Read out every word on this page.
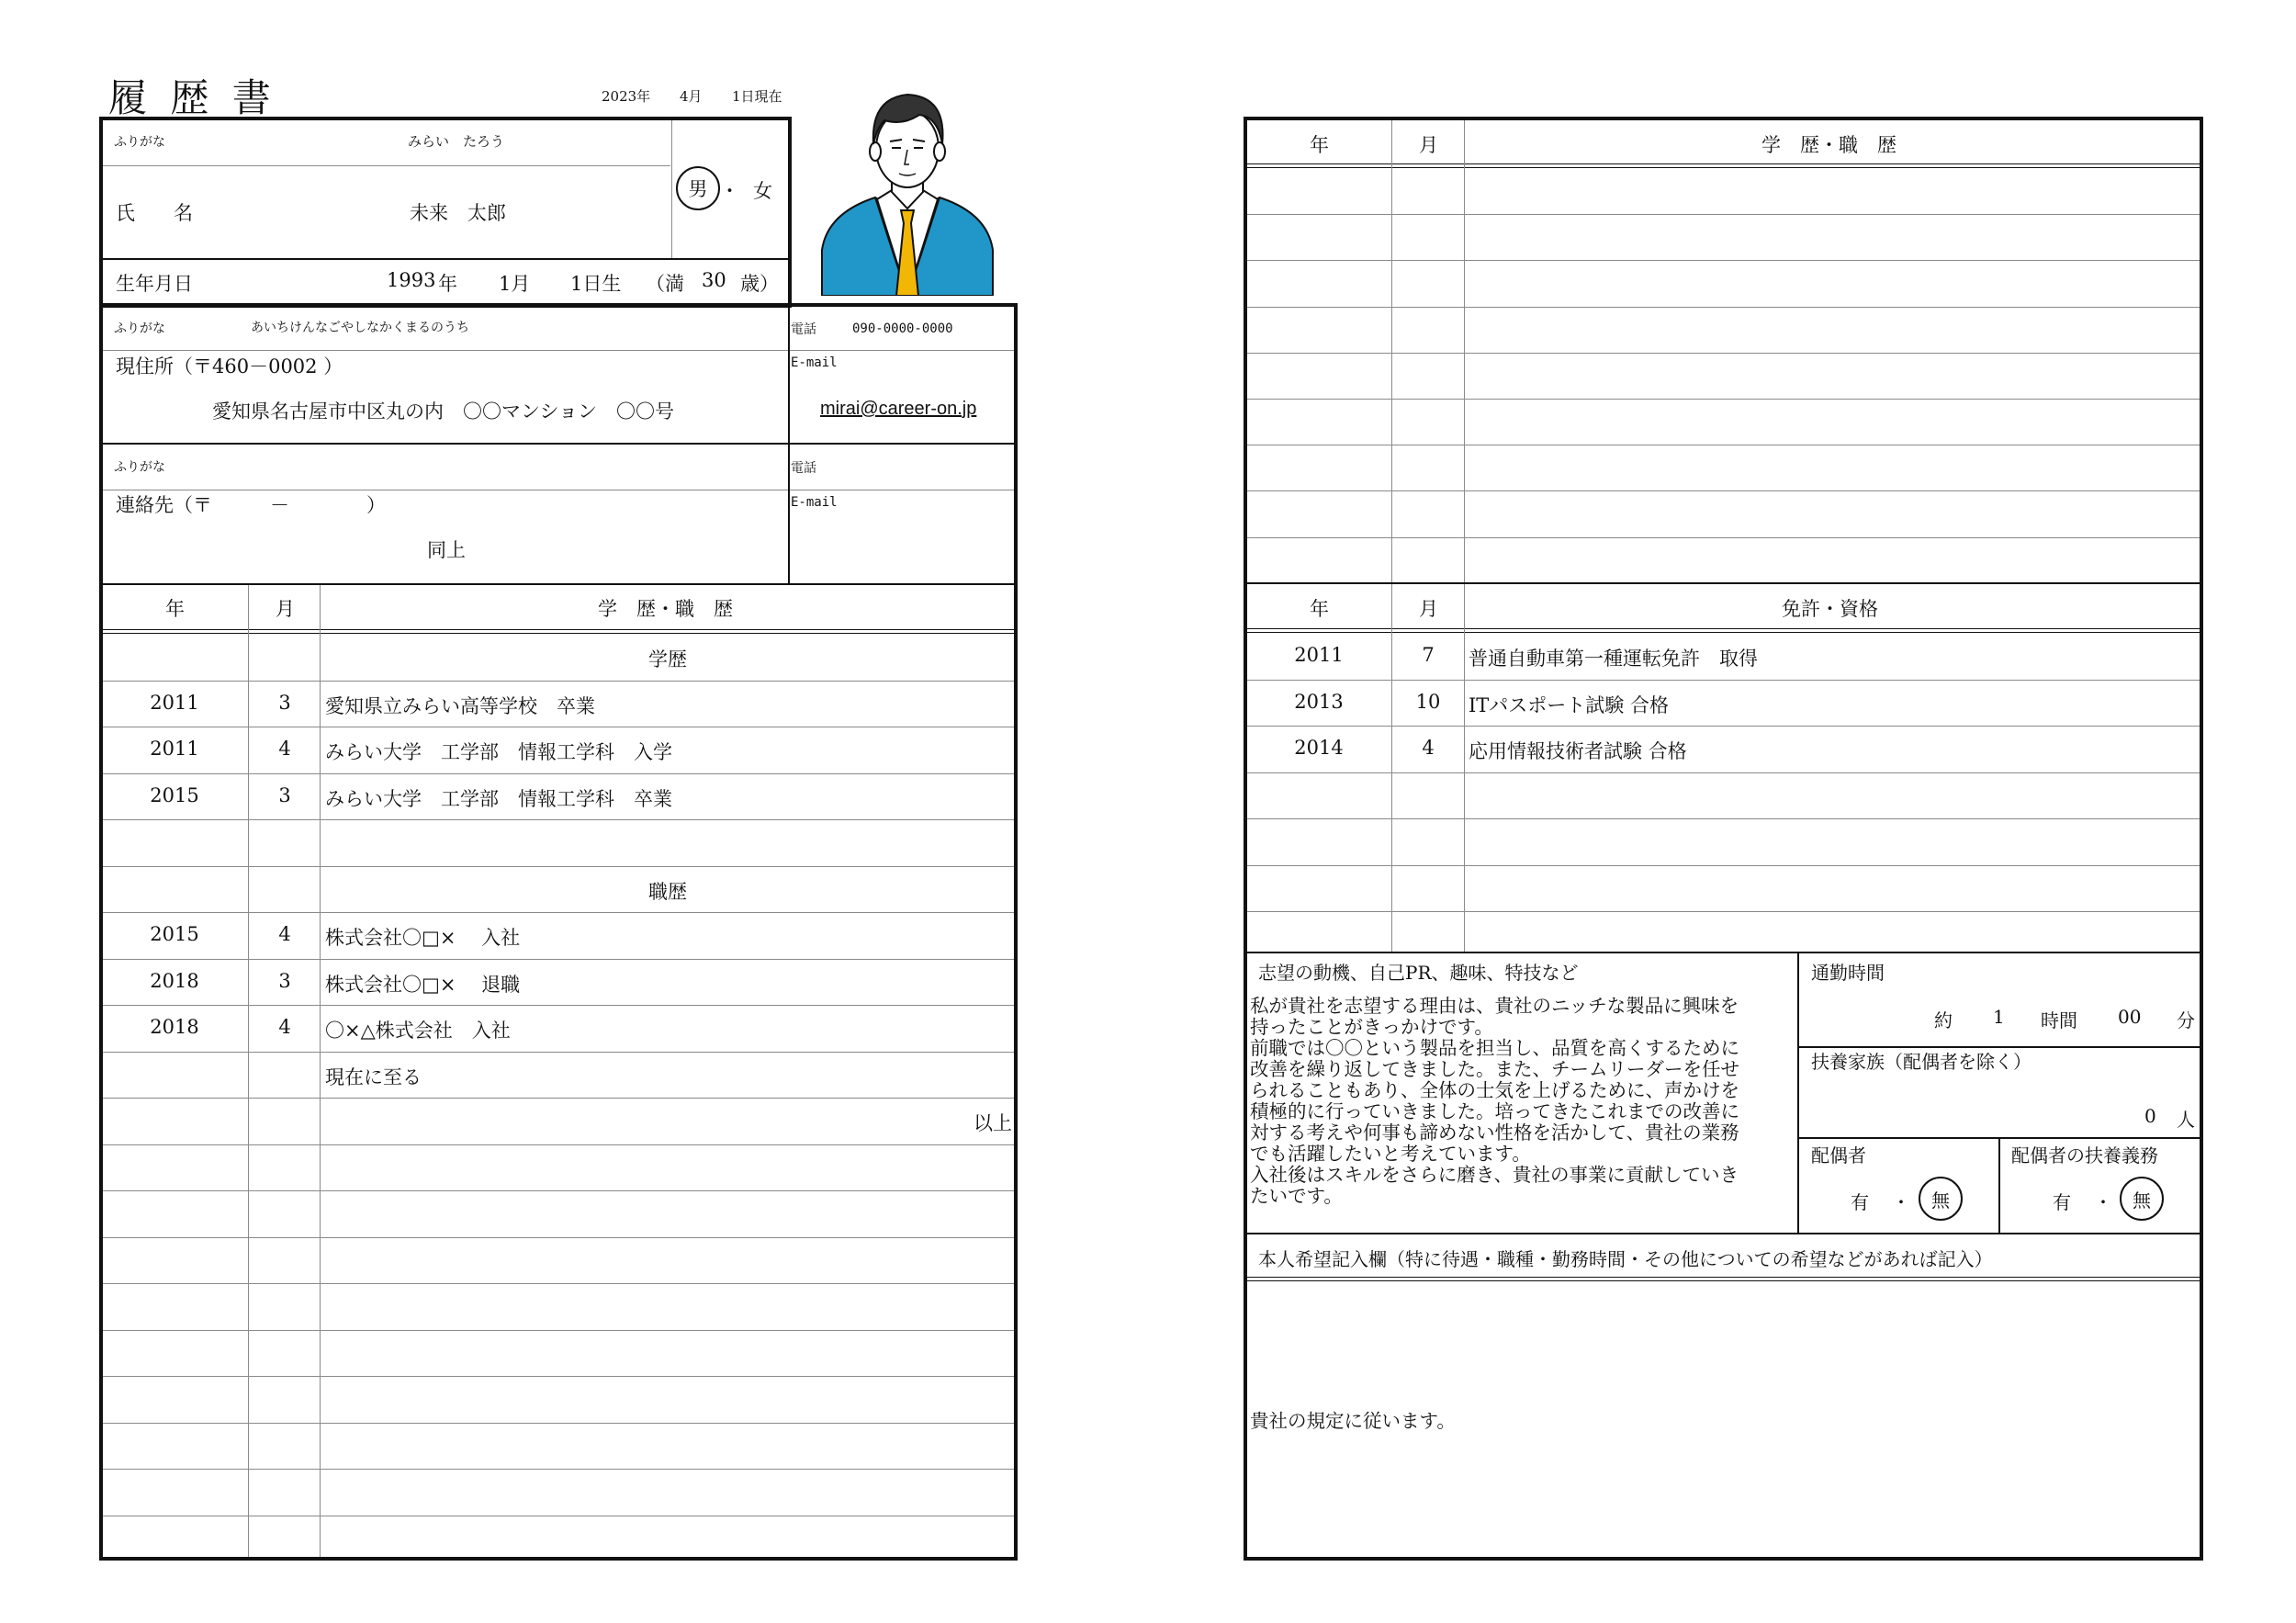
履 歴 書	2023年 4月 1日現在
ふりがな	みらい　たろう
氏　　名	未来　太郎
男 ・ 女
生年月日	1993 年 1月 1日生 （満 30 歳）
ふりがな	あいちけんなごやしなかくまるのうち
現住所（〒460－0002 ）
愛知県名古屋市中区丸の内　〇〇マンション　〇〇号
電話	090-0000-0000
E-mail
mirai@career-on.jp
ふりがな
連絡先（〒　　　－　　　　）
同上
電話
E-mail
年	月	学　歴・職　歴
学歴
2011	3	愛知県立みらい高等学校　卒業
2011	4	みらい大学　工学部　情報工学科　入学
2015	3	みらい大学　工学部　情報工学科　卒業
職歴
2015	4	株式会社〇□×　 入社
2018	3	株式会社〇□×　 退職
2018	4	〇×△株式会社　入社
現在に至る
以上
年	月	学　歴・職　歴
年	月	免許・資格
2011	7	普通自動車第一種運転免許　取得
2013	10	ITパスポート試験 合格
2014	4	応用情報技術者試験 合格
志望の動機、自己PR、趣味、特技など
私が貴社を志望する理由は、貴社のニッチな製品に興味を
持ったことがきっかけです。
前職では〇〇という製品を担当し、品質を高くするために
改善を繰り返してきました。また、チームリーダーを任せ
られることもあり、全体の士気を上げるために、声かけを
積極的に行っていきました。培ってきたこれまでの改善に
対する考えや何事も諦めない性格を活かして、貴社の業務
でも活躍したいと考えています。
入社後はスキルをさらに磨き、貴社の事業に貢献していき
たいです。
通勤時間
約 1 時間 00 分
扶養家族（配偶者を除く）
0 人
配偶者
有 ・ 無
配偶者の扶養義務
有 ・ 無
本人希望記入欄（特に待遇・職種・勤務時間・その他についての希望などがあれば記入）
貴社の規定に従います。
